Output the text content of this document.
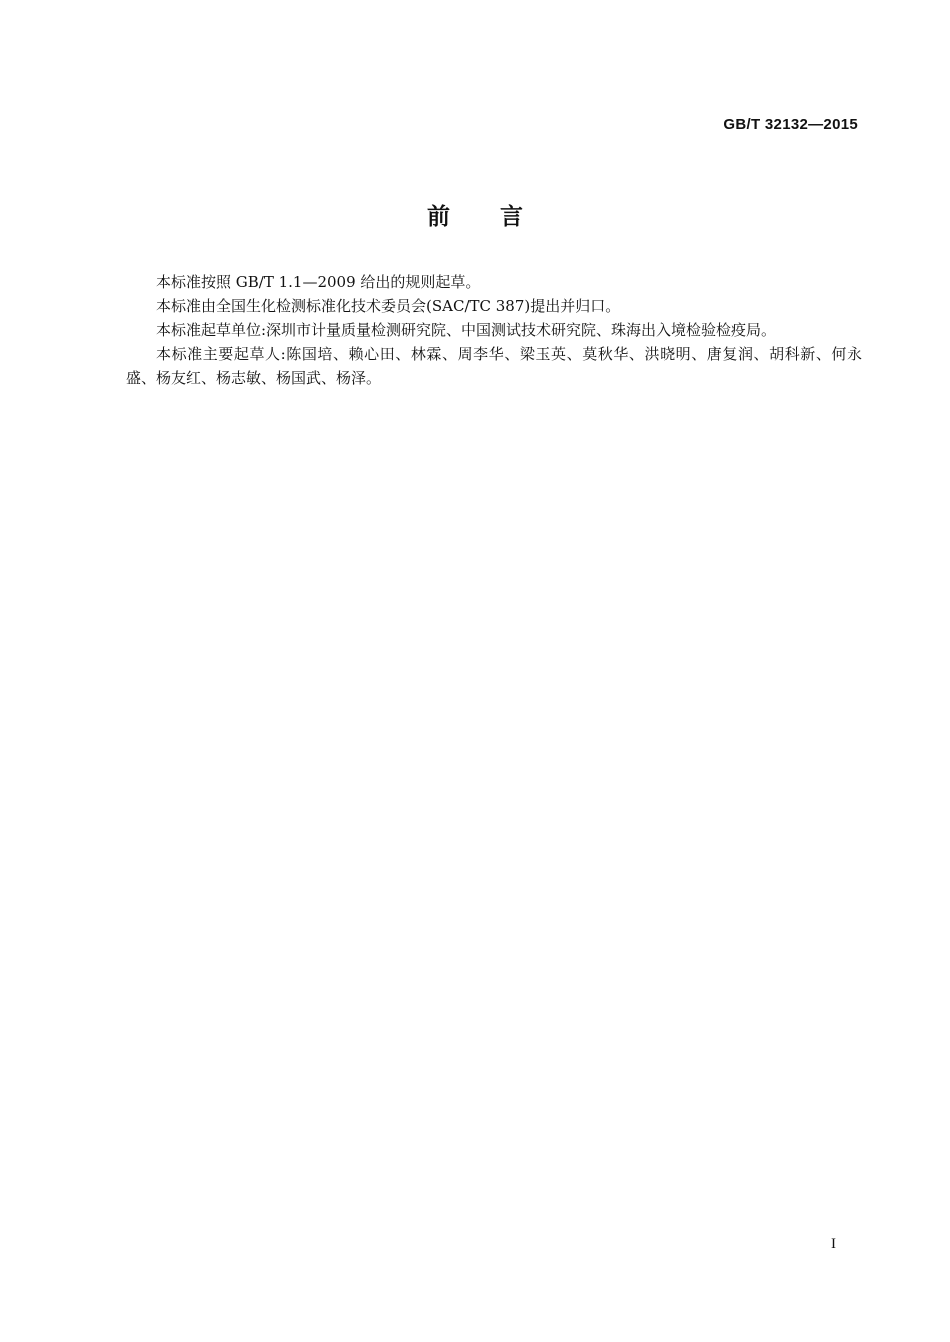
GB/T 32132—2015
前言

本标准按照 GB/T 1.1—2009 给出的规则起草。

本标准由全国生化检测标准化技术委员会(SAC/TC 387)提出并归口。

本标准起草单位:深圳市计量质量检测研究院、中国测试技术研究院、珠海出入境检验检疫局。

本标准主要起草人:陈国培、赖心田、林霖、周李华、梁玉英、莫秋华、洪晓明、唐复润、胡科新、何永盛、杨友红、杨志敏、杨国武、杨泽。

I
